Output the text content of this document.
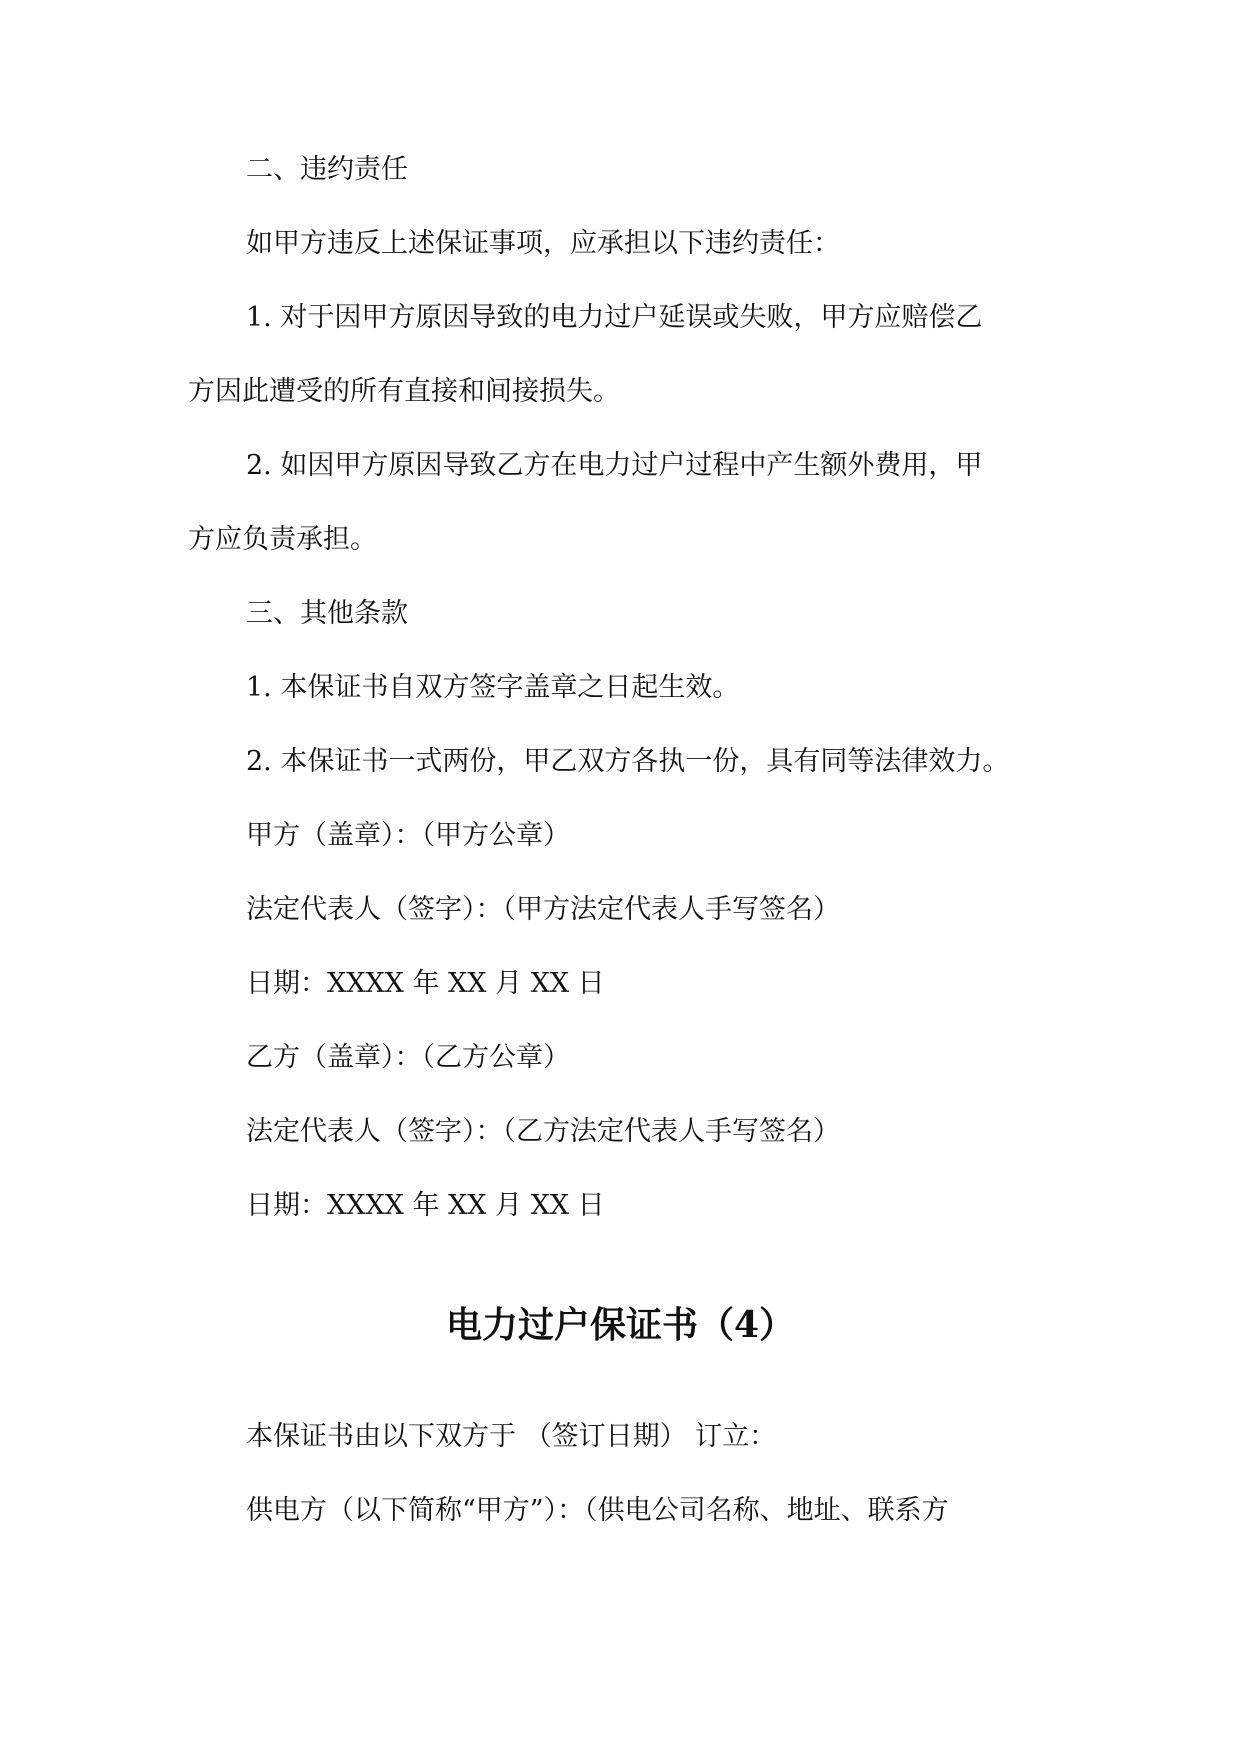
二、违约责任

如甲方违反上述保证事项，应承担以下违约责任：

1. 对于因甲方原因导致的电力过户延误或失败，甲方应赔偿乙

方因此遭受的所有直接和间接损失。

2. 如因甲方原因导致乙方在电力过户过程中产生额外费用，甲

方应负责承担。

三、其他条款

1. 本保证书自双方签字盖章之日起生效。

2. 本保证书一式两份，甲乙双方各执一份，具有同等法律效力。

甲方（盖章）：（甲方公章）

法定代表人（签字）：（甲方法定代表人手写签名）

日期：XXXX 年 XX 月 XX 日

乙方（盖章）：（乙方公章）

法定代表人（签字）：（乙方法定代表人手写签名）

日期：XXXX 年 XX 月 XX 日

电力过户保证书（4）

本保证书由以下双方于 （签订日期） 订立：

供电方（以下简称“甲方”）：（供电公司名称、地址、联系方
